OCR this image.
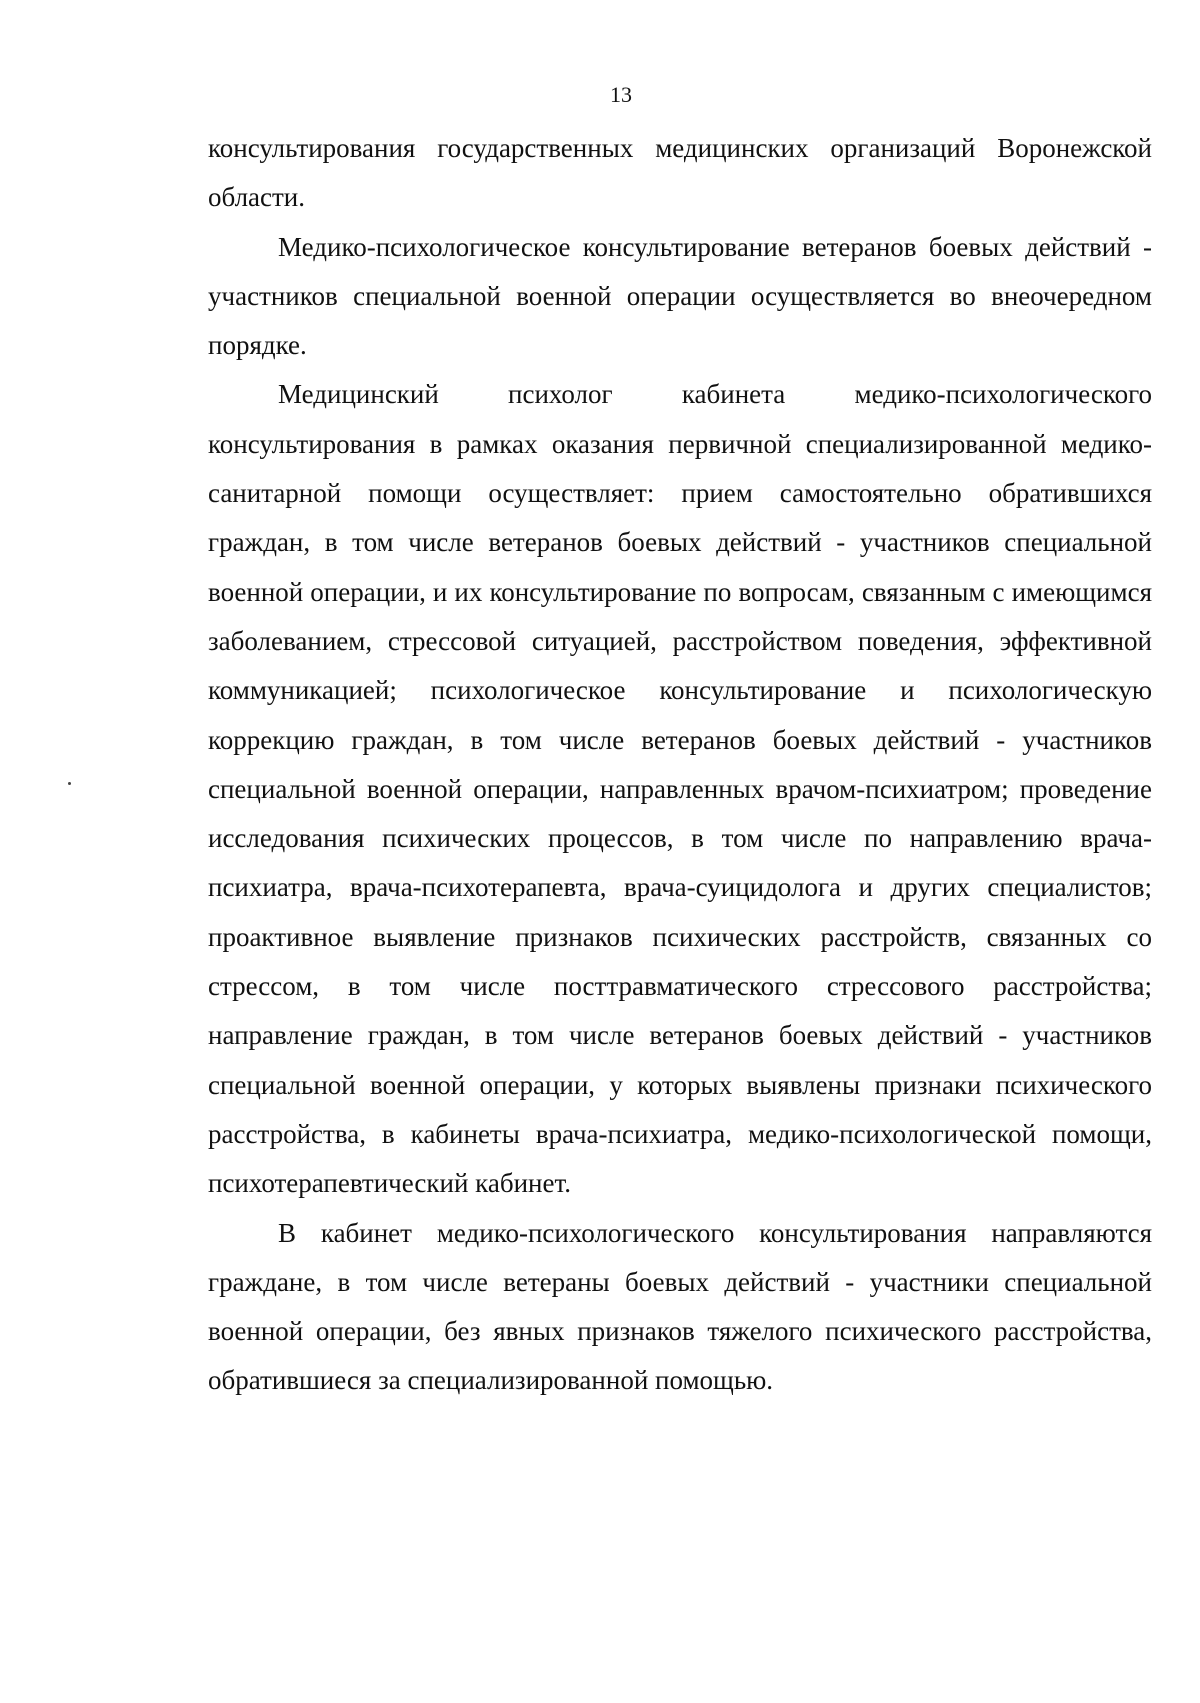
13

консультирования государственных медицинских организаций Воронежской области.

Медико-психологическое консультирование ветеранов боевых действий - участников специальной военной операции осуществляется во внеочередном порядке.

Медицинский психолог кабинета медико-психологического консультирования в рамках оказания первичной специализированной медико-санитарной помощи осуществляет: прием самостоятельно обратившихся граждан, в том числе ветеранов боевых действий - участников специальной военной операции, и их консультирование по вопросам, связанным с имеющимся заболеванием, стрессовой ситуацией, расстройством поведения, эффективной коммуникацией; психологическое консультирование и психологическую коррекцию граждан, в том числе ветеранов боевых действий - участников специальной военной операции, направленных врачом-психиатром; проведение исследования психических процессов, в том числе по направлению врача-психиатра, врача-психотерапевта, врача-суицидолога и других специалистов; проактивное выявление признаков психических расстройств, связанных со стрессом, в том числе посттравматического стрессового расстройства; направление граждан, в том числе ветеранов боевых действий - участников специальной военной операции, у которых выявлены признаки психического расстройства, в кабинеты врача-психиатра, медико-психологической помощи, психотерапевтический кабинет.

В кабинет медико-психологического консультирования направляются граждане, в том числе ветераны боевых действий - участники специальной военной операции, без явных признаков тяжелого психического расстройства, обратившиеся за специализированной помощью.
